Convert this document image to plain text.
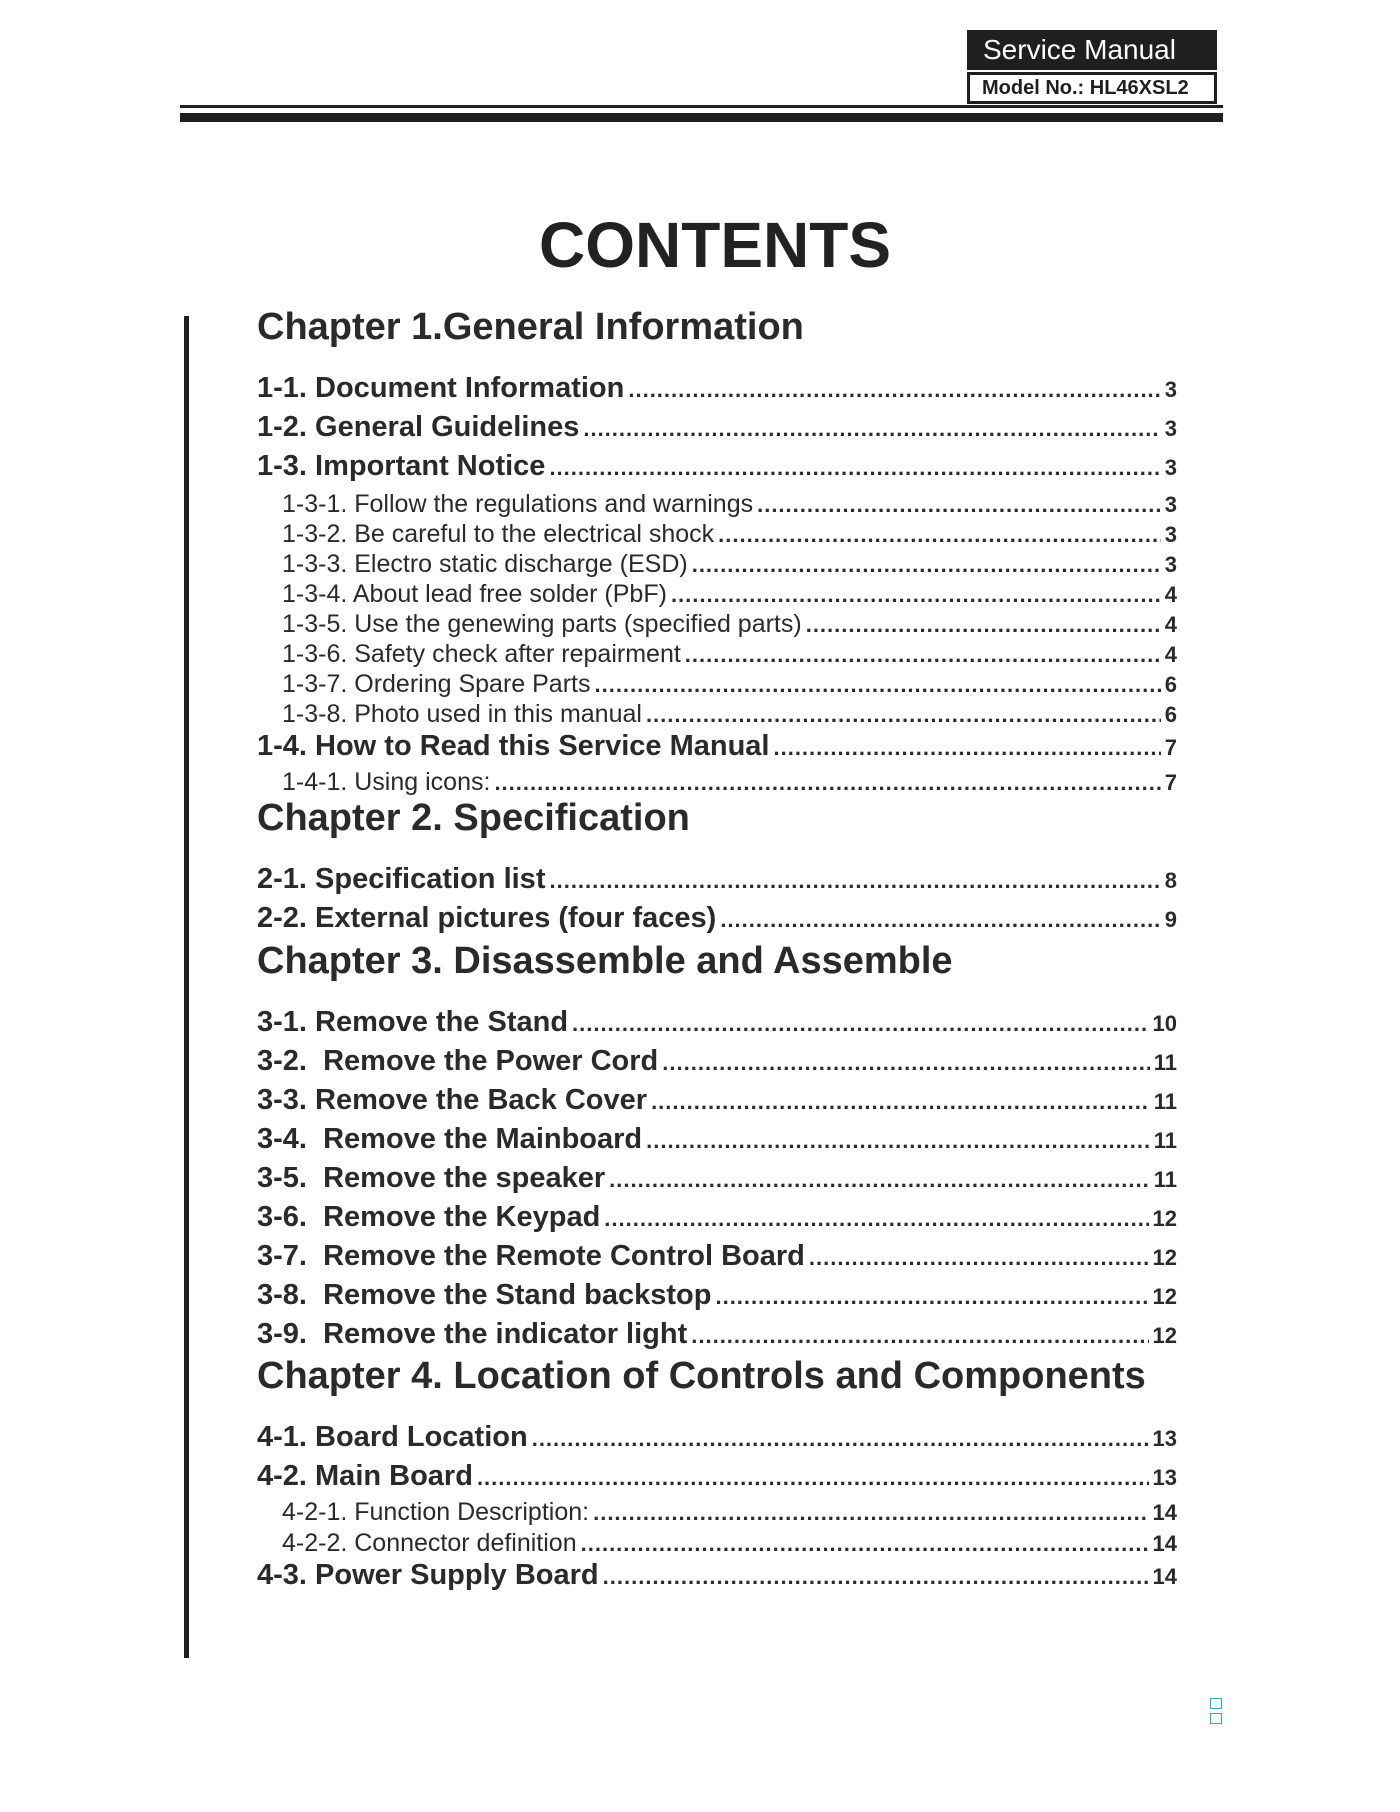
Service Manual
Model No.: HL46XSL2
CONTENTS
Chapter 1.General Information
1-1. Document Information .....	3
1-2. General Guidelines .....	3
1-3. Important Notice .....	3
1-3-1. Follow the regulations and warnings .....	3
1-3-2. Be careful to the electrical shock .....	3
1-3-3. Electro static discharge (ESD) .....	3
1-3-4. About lead free solder (PbF) .....	4
1-3-5. Use the genewing parts (specified parts) .....	4
1-3-6. Safety check after repairment .....	4
1-3-7. Ordering Spare Parts .....	6
1-3-8. Photo used in this manual .....	6
1-4. How to Read this Service Manual .....	7
1-4-1. Using icons: .....	7
Chapter 2. Specification
2-1. Specification list .....	8
2-2. External pictures (four faces) .....	9
Chapter 3. Disassemble and Assemble
3-1. Remove the Stand .....	10
3-2.  Remove the Power Cord .....	11
3-3. Remove the Back Cover .....	11
3-4.  Remove the Mainboard .....	11
3-5.  Remove the speaker .....	11
3-6.  Remove the Keypad .....	12
3-7.  Remove the Remote Control Board .....	12
3-8.  Remove the Stand backstop .....	12
3-9.  Remove the indicator light .....	12
Chapter 4. Location of Controls and Components
4-1. Board Location .....	13
4-2. Main Board .....	13
4-2-1. Function Description: .....	14
4-2-2. Connector definition .....	14
4-3. Power Supply Board .....	14
